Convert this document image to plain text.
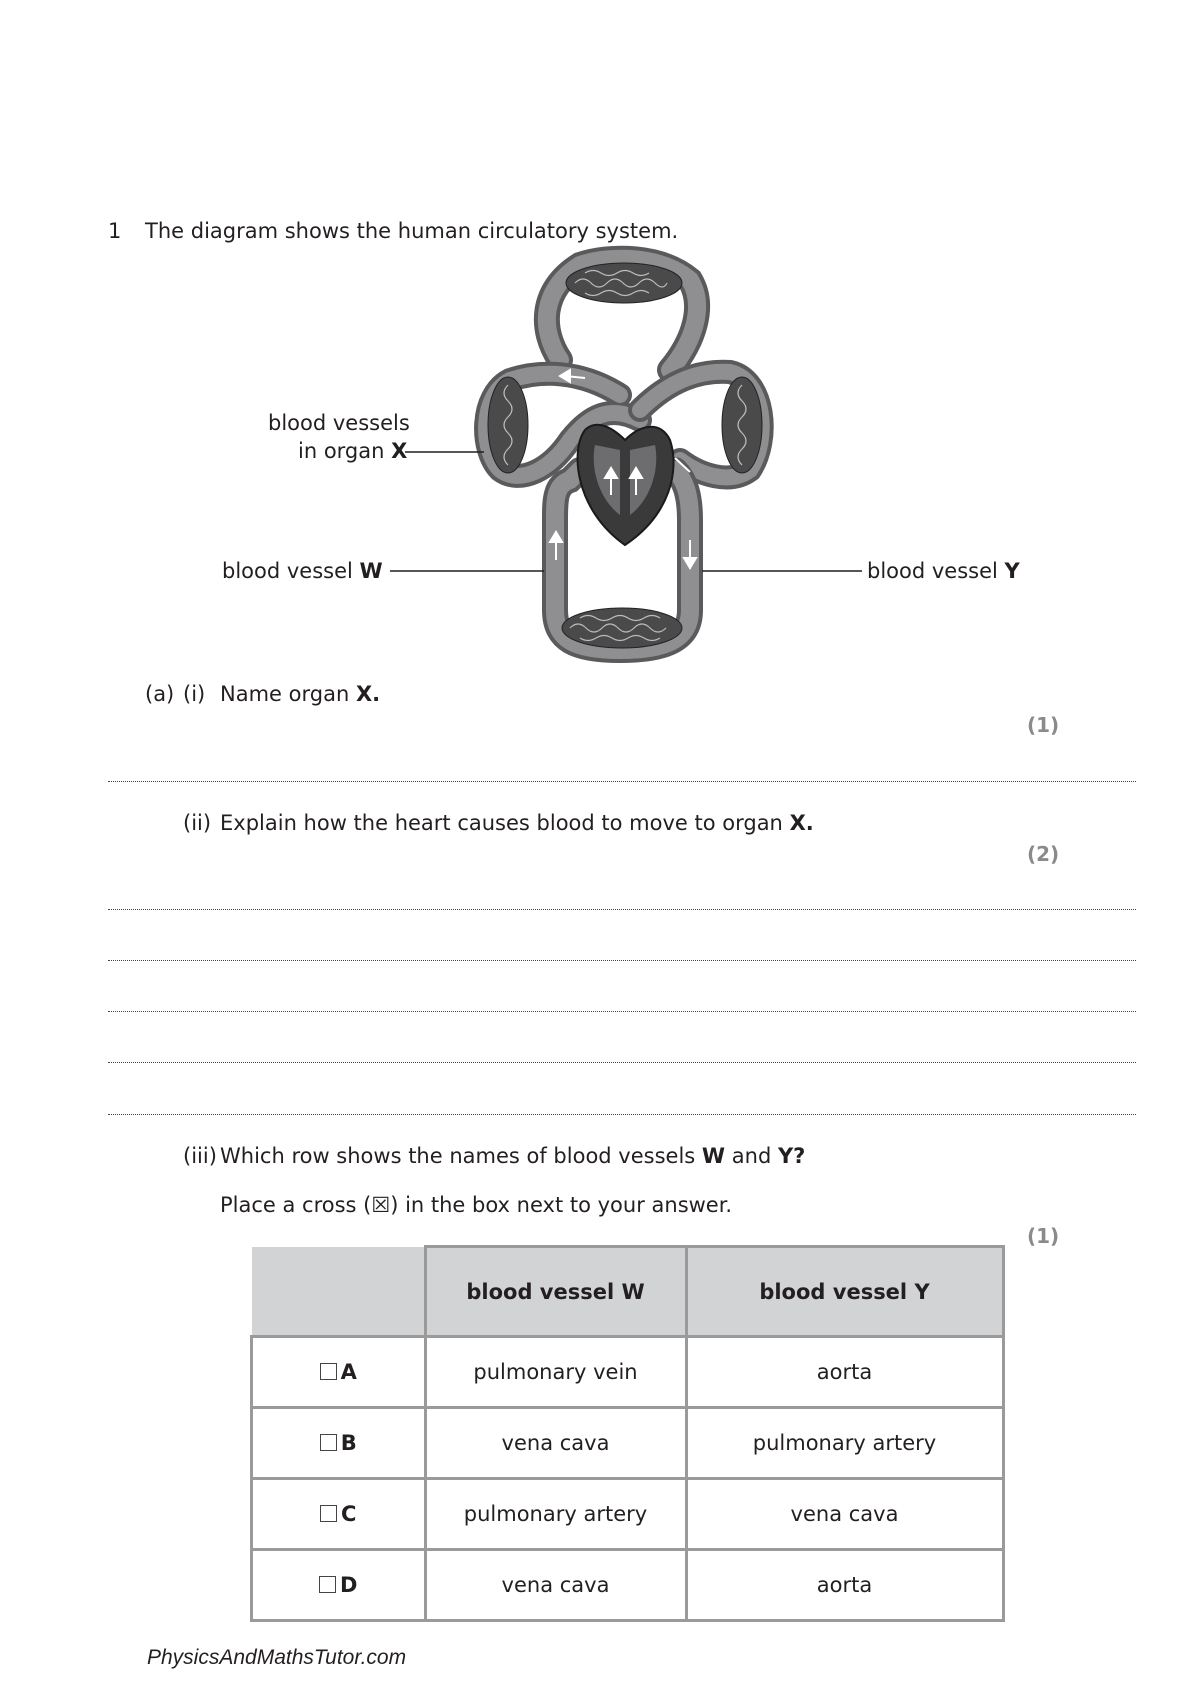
1 The diagram shows the human circulatory system.
blood vessels
in organ X
blood vessel W	blood vessel Y
(a) (i) Name organ X.
(1)
(ii) Explain how the heart causes blood to move to organ X.
(2)
(iii) Which row shows the names of blood vessels W and Y?
Place a cross (☒) in the box next to your answer.
(1)
	blood vessel W	blood vessel Y
A	pulmonary vein	aorta
B	vena cava	pulmonary artery
C	pulmonary artery	vena cava
D	vena cava	aorta
PhysicsAndMathsTutor.com
